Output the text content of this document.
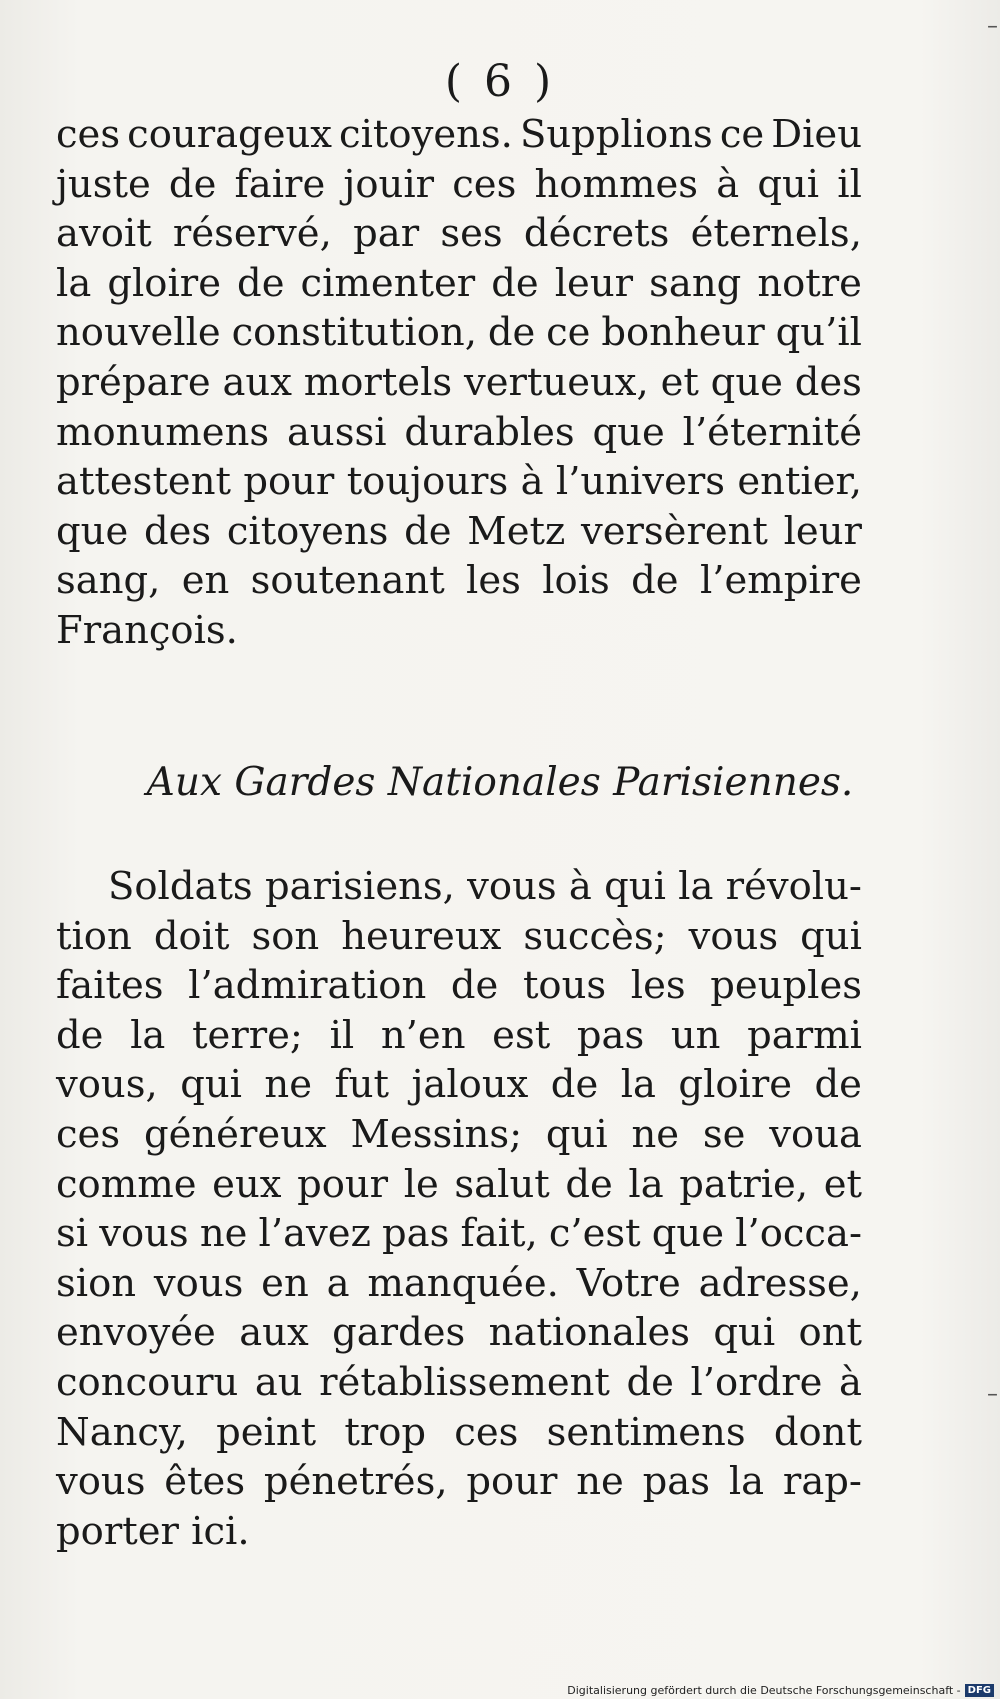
( 6 )

ces courageux citoyens. Supplions ce Dieu
juste de faire jouir ces hommes à qui il
avoit réservé, par ses décrets éternels,
la gloire de cimenter de leur sang notre
nouvelle constitution, de ce bonheur qu’il
prépare aux mortels vertueux, et que des
monumens aussi durables que l’éternité
attestent pour toujours à l’univers entier,
que des citoyens de Metz versèrent leur
sang, en soutenant les lois de l’empire
François.

Aux Gardes Nationales Parisiennes.

Soldats parisiens, vous à qui la révolu-
tion doit son heureux succès; vous qui
faites l’admiration de tous les peuples
de la terre; il n’en est pas un parmi
vous, qui ne fut jaloux de la gloire de
ces généreux Messins; qui ne se voua
comme eux pour le salut de la patrie, et
si vous ne l’avez pas fait, c’est que l’occa-
sion vous en a manquée. Votre adresse,
envoyée aux gardes nationales qui ont
concouru au rétablissement de l’ordre à
Nancy, peint trop ces sentimens dont
vous êtes pénetrés, pour ne pas la rap-
porter ici.

–
–
Digitalisierung gefördert durch die Deutsche Forschungsgemeinschaft - DFG
